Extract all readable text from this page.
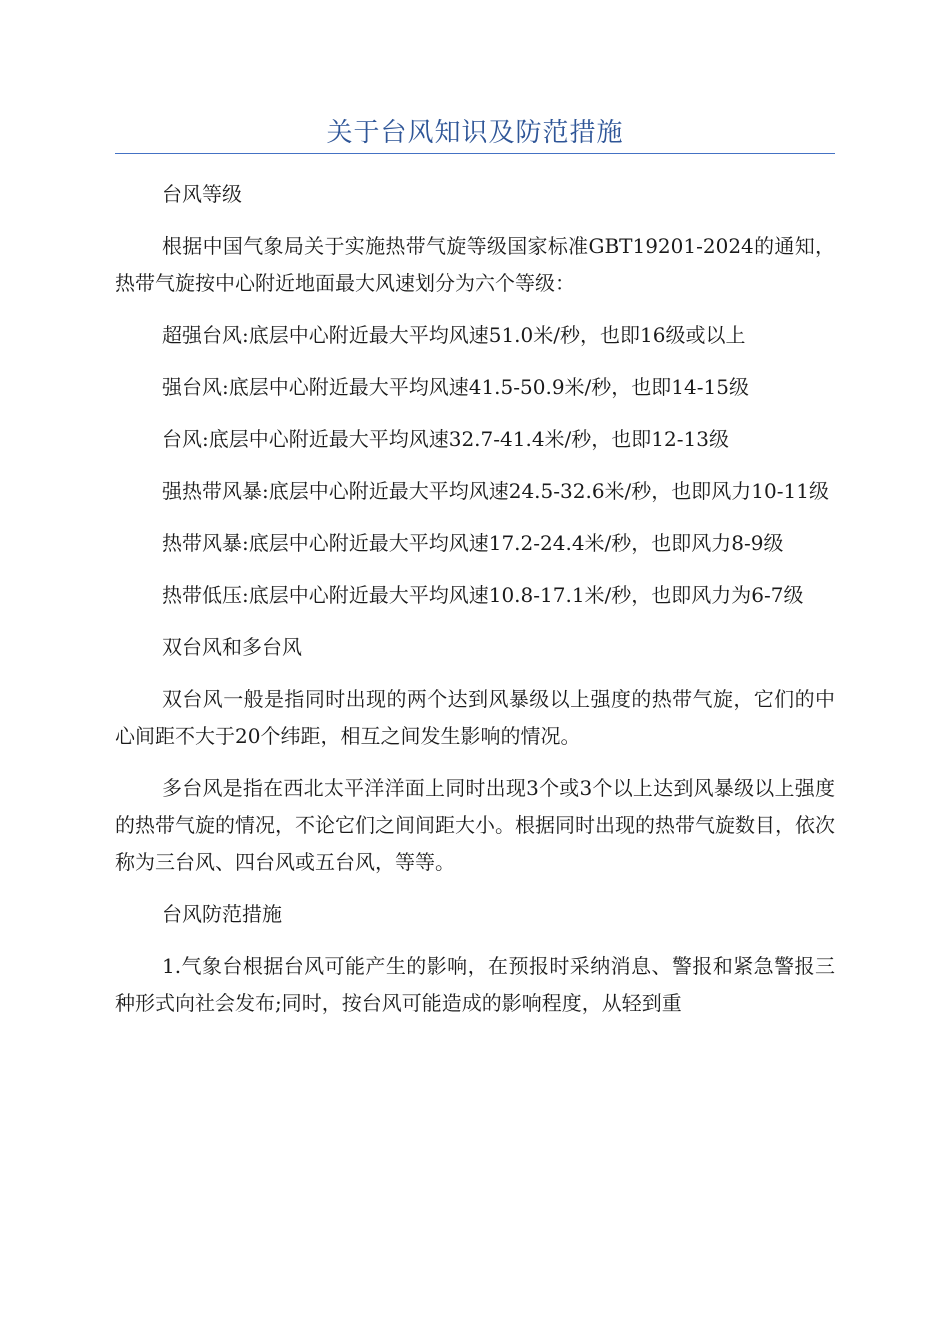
关于台风知识及防范措施

台风等级

根据中国气象局关于实施热带气旋等级国家标准GBT19201-2024的通知，热带气旋按中心附近地面最大风速划分为六个等级：

超强台风:底层中心附近最大平均风速51.0米/秒，也即16级或以上

强台风:底层中心附近最大平均风速41.5-50.9米/秒，也即14-15级

台风:底层中心附近最大平均风速32.7-41.4米/秒，也即12-13级

强热带风暴:底层中心附近最大平均风速24.5-32.6米/秒，也即风力10-11级

热带风暴:底层中心附近最大平均风速17.2-24.4米/秒，也即风力8-9级

热带低压:底层中心附近最大平均风速10.8-17.1米/秒，也即风力为6-7级

双台风和多台风

双台风一般是指同时出现的两个达到风暴级以上强度的热带气旋，它们的中心间距不大于20个纬距，相互之间发生影响的情况。

多台风是指在西北太平洋洋面上同时出现3个或3个以上达到风暴级以上强度的热带气旋的情况，不论它们之间间距大小。根据同时出现的热带气旋数目，依次称为三台风、四台风或五台风，等等。

台风防范措施

1.气象台根据台风可能产生的影响，在预报时采纳消息、警报和紧急警报三种形式向社会发布;同时，按台风可能造成的影响程度，从轻到重
